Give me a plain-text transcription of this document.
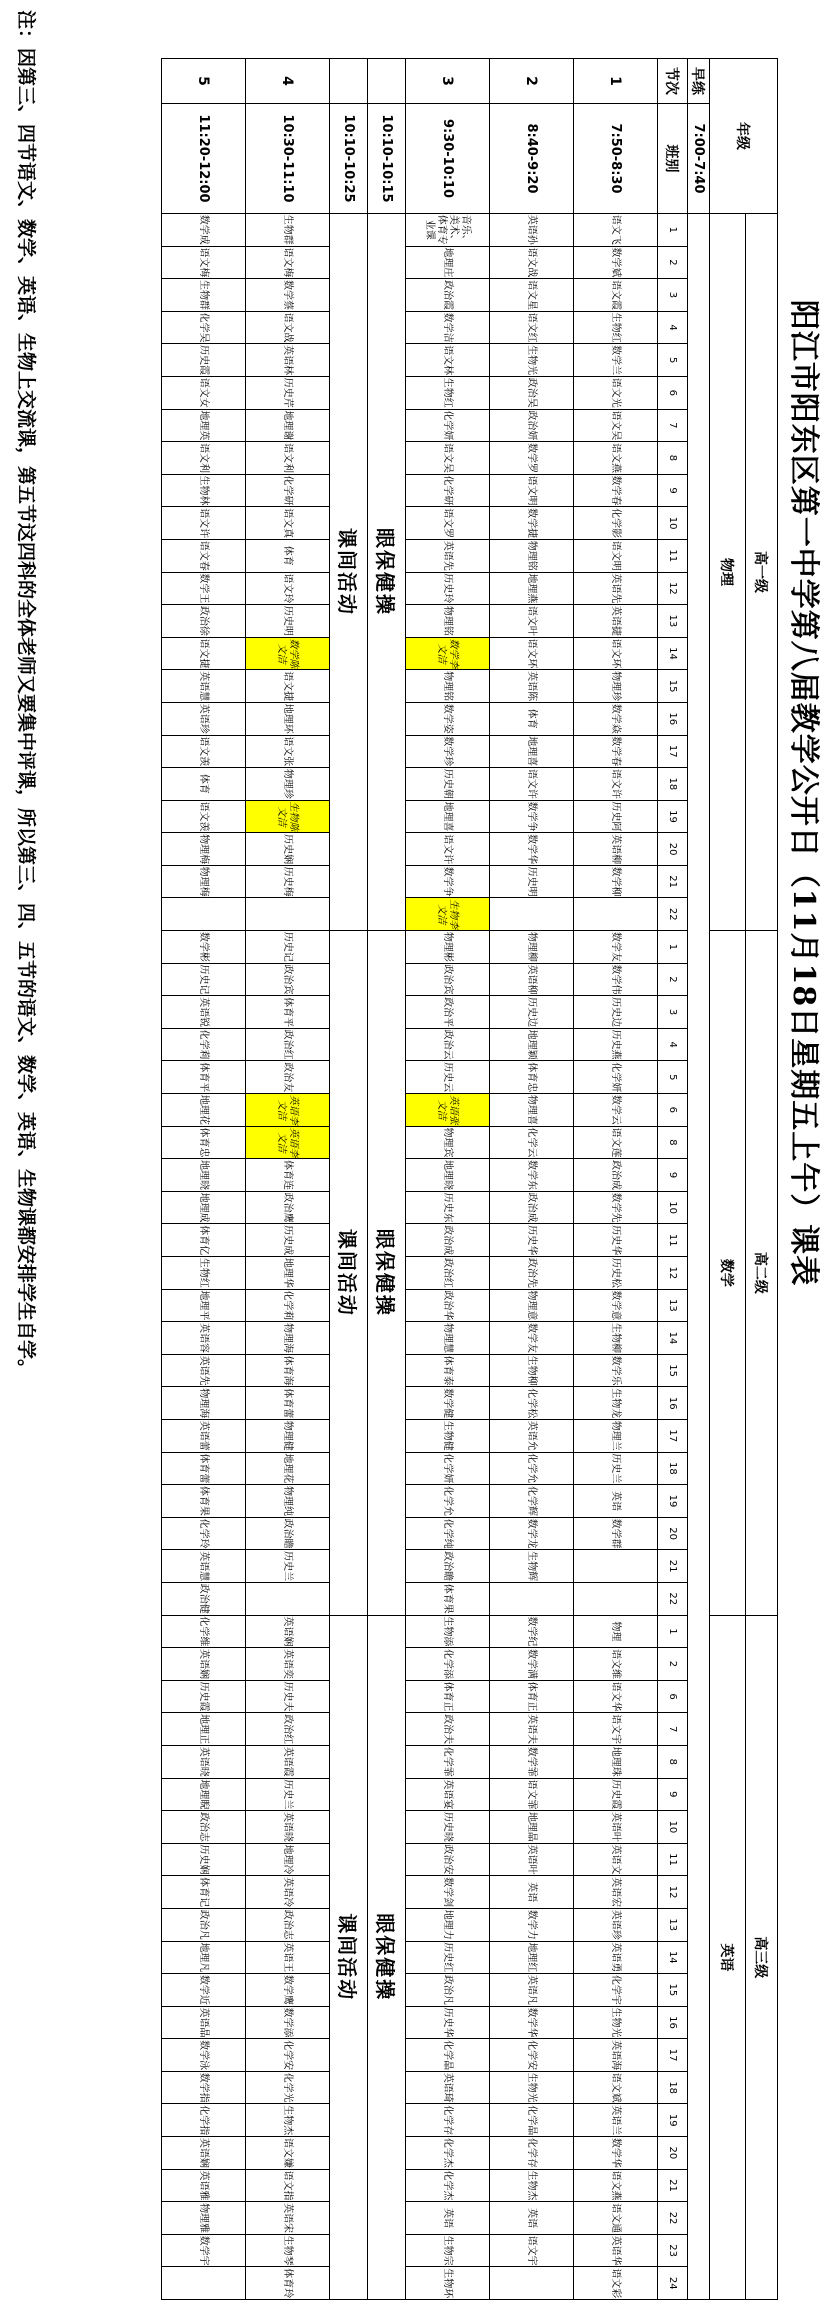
阳江市阳东区第一中学第八届教学公开日（11月18日星期五上午）课表
年级	高一级	高二级	高三级
物理	数学	英语
早练	7:00-7:40	
节次	班别	1	2	3	4	5	6	7	8	9	10	11	12	13	14	15	16	17	18	19	20	21	22	1	2	3	4	5	6	8	9	10	11	12	13	14	15	16	17	18	19	20	21	22	1	2	6	7	8	9	10	11	12	13	14	15	16	17	18	19	20	21	22	23	24
1	7:50-8:30	语文飞	数学斌	语文霞	生物红	数学兰	语文光	语文吴	语文燕	数学春	化学影	语文明	英语先	英语捷	语文环	物理珍	数学焱	数学春	语文许	历史阿	英语柳	数学柳		数学友	数学伟	历史边	历史燕	化学妍	数学云	语文莲	政治成	数学先	历史华	历史松	数学意	生物柳	数学乐	生物龙	物理兰	历史兰	英语	数学群			物理	语文维	语文华	语文宇	地理珠	历史霞	英语叶	英语文	英语宏	英语珍	英语勇	化学宇	生物光	英语海	语文斌	英语兰	数学华	语文燕	语文通	英语华	语文彩
2	8:40-9:20	英语孙	语文战	语文星	语文红	生物光	政治吴	政治妍	数学罗	语文明	数学捷	物理铭	地理燕	语文叶	语文环	英语陈	体育	地理喜	语文许	数学争	数学华	历史明		物理柳	英语柳	历史边	地理颖	体育忠	物理喜	化学云	数学东	政治成	历史华	政治先	物理意	数学友	生物柳	化学松	英语允	化学允	化学辉	数学龙	生物辉		数学纪	数学满	体育正	英语夫	数学霏	语文霏	地理晶	英语叶	英语	数学力	地理红	英语凡	数学华	化学安	生物光	化学晶	化学存	生物杰	英语	语文宇	
3	9:30-10:10	音乐、美术、体育专业课	地理庄	政治霞	数学洁	语文林	生物红	化学妍	语文吴	化学研	语文罗	英语先	历史玲	物理铭	数学李文洁	物理铭	数学姿	数学珍	历史朝	地理喜	语文许	数学争	生物李文洁	物理彬	政治宾	政治平	政治云	历史云	英语张文洁	物理宾	地理晓	历史东	政治成	政治红	政治华	物理慧	体育泰	数学健	生物健	化学妍	化学允	化学纯	政治瞻	体育果	生物添	化学添	体育正	政治夫	化学霏	英语宴	历史晓	政治安	数学剑	地理力	历史红	政治凡	历史华	化学晶	英语琦	化学存	化学杰	化学杰	英语	生物宗	生物环
	10:10-10:15	眼保健操	眼保健操	眼保健操
	10:10-10:25	课间活动	课间活动	课间活动
4	10:30-11:10	生物群	语文梅	数学蔡	语文战	英语林	历史芹	地理谢	语文利	化学研	语文真	体育	语文玲	历史明	数学陈文洁	语文捷	地理环	语文张	物理珍	生物陈文洁	历史娴	历史梅		历史记	政治宾	体育平	政治红	政治友	英语李文洁	英语李文洁	体育连	政治鹰	历史成	地理华	化学莉	物理海	体育海	体育蕾	物理健	地理花	物理纯	政治瞻	历史兰		英语娴	英语奕	历史夫	政治红	英语霞	历史兰	英语晓	地理冷	英语冷	政治志	英语王	数学鹰	数学添	化学安	化学光	生物杰	语文嫌	语文指	英语宋	生物琴	体育玲
5	11:20-12:00	数学成	语文梅	生物群	化学吴	历史霞	语文女	地理英	语文利	生物林	语文许	语文春	数学王	政治徐	语文捷	英语慧	英语珍	语文羡	体育	语文羡	物理梅	物理梅		数学彬	历史记	英语锐	化学莉	体育平	地理花	体育忠	地理晓	地理成	体育亿	生物红	地理平	英语容	英语先	物理海	英语蕾	体育蕾	体育果	化学玲	英语慧	政治健	化学维	英语娴	历史霞	地理正	英语晓	地理睨	政治志	历史娴	体育记	政治凡	地理凡	数学近	英语晶	数学泳	数学指	化学指	英语娴	英语雅	物理雅	数学宇	
注：因第三、四节语文、数学、英语、生物上交流课，第五节这四科的全体老师又要集中评课，所以第三、四、五节的语文、数学、英语、生物课都安排学生自学。
